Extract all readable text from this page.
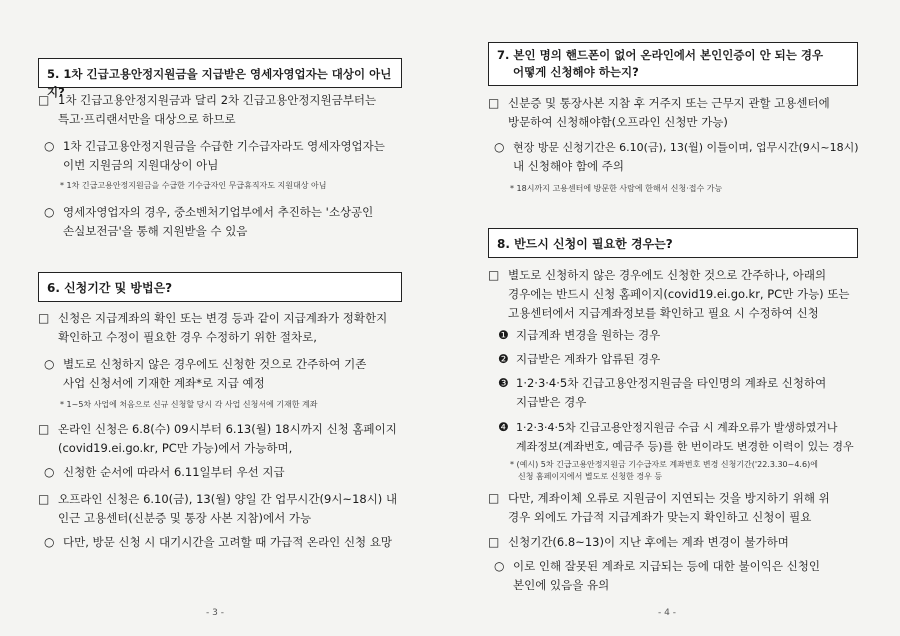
5. 1차 긴급고용안정지원금을 지급받은 영세자영업자는 대상이 아닌지?
□ 1차 긴급고용안정지원금과 달리 2차 긴급고용안정지원금부터는
특고·프리랜서만을 대상으로 하므로
○ 1차 긴급고용안정지원금을 수급한 기수급자라도 영세자영업자는
이번 지원금의 지원대상이 아님
* 1차 긴급고용안정지원금을 수급한 기수급자인 무급휴직자도 지원대상 아님
○ 영세자영업자의 경우, 중소벤처기업부에서 추진하는 '소상공인
손실보전금'을 통해 지원받을 수 있음
6. 신청기간 및 방법은?
□ 신청은 지급계좌의 확인 또는 변경 등과 같이 지급계좌가 정확한지
확인하고 수정이 필요한 경우 수정하기 위한 절차로,
○ 별도로 신청하지 않은 경우에도 신청한 것으로 간주하여 기존
사업 신청서에 기재한 계좌*로 지급 예정
* 1~5차 사업에 처음으로 신규 신청할 당시 각 사업 신청서에 기재한 계좌
□ 온라인 신청은 6.8(수) 09시부터 6.13(월) 18시까지 신청 홈페이지
(covid19.ei.go.kr, PC만 가능)에서 가능하며,
○ 신청한 순서에 따라서 6.11일부터 우선 지급
□ 오프라인 신청은 6.10(금), 13(월) 양일 간 업무시간(9시~18시) 내
인근 고용센터(신분증 및 통장 사본 지참)에서 가능
○ 다만, 방문 신청 시 대기시간을 고려할 때 가급적 온라인 신청 요망
- 3 -
7. 본인 명의 핸드폰이 없어 온라인에서 본인인증이 안 되는 경우
어떻게 신청해야 하는지?
□ 신분증 및 통장사본 지참 후 거주지 또는 근무지 관할 고용센터에
방문하여 신청해야함(오프라인 신청만 가능)
○ 현장 방문 신청기간은 6.10(금), 13(월) 이틀이며, 업무시간(9시~18시)
내 신청해야 함에 주의
* 18시까지 고용센터에 방문한 사람에 한해서 신청·접수 가능
8. 반드시 신청이 필요한 경우는?
□ 별도로 신청하지 않은 경우에도 신청한 것으로 간주하나, 아래의
경우에는 반드시 신청 홈페이지(covid19.ei.go.kr, PC만 가능) 또는
고용센터에서 지급계좌정보를 확인하고 필요 시 수정하여 신청
❶ 지급계좌 변경을 원하는 경우
❷ 지급받은 계좌가 압류된 경우
❸ 1·2·3·4·5차 긴급고용안정지원금을 타인명의 계좌로 신청하여
지급받은 경우
❹ 1·2·3·4·5차 긴급고용안정지원금 수급 시 계좌오류가 발생하였거나
계좌정보(계좌번호, 예금주 등)를 한 번이라도 변경한 이력이 있는 경우
* (예시) 5차 긴급고용안정지원금 기수급자로 계좌번호 변경 신청기간('22.3.30~4.6)에
신청 홈페이지에서 별도로 신청한 경우 등
□ 다만, 계좌이체 오류로 지원금이 지연되는 것을 방지하기 위해 위
경우 외에도 가급적 지급계좌가 맞는지 확인하고 신청이 필요
□ 신청기간(6.8~13)이 지난 후에는 계좌 변경이 불가하며
○ 이로 인해 잘못된 계좌로 지급되는 등에 대한 불이익은 신청인
본인에 있음을 유의
- 4 -
